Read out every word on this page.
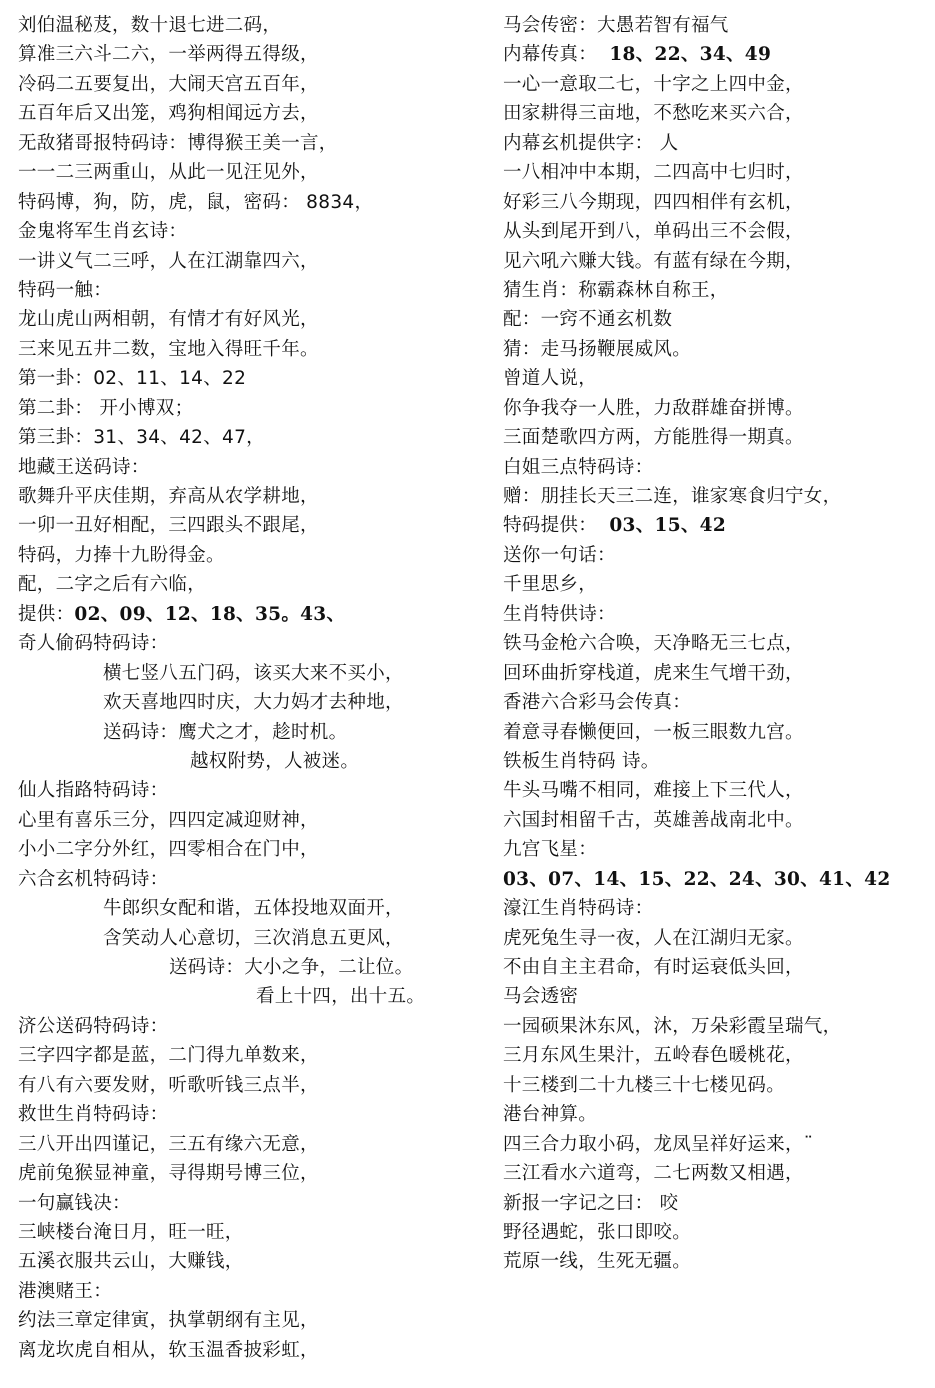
刘伯温秘芨，数十退七进二码，
算准三六斗二六，一举两得五得级，
冷码二五要复出，大闹天宫五百年，
五百年后又出笼，鸡狗相闻远方去，
无敌猪哥报特码诗：博得猴王美一言，
一一二三两重山，从此一见汪见外，
特码博，狗，防，虎，鼠，密码： 8834，
金鬼将军生肖玄诗：
一讲义气二三呼，人在江湖靠四六，
特码一触：
龙山虎山两相朝，有情才有好风光，
三来见五井二数，宝地入得旺千年。
第一卦：02、11、14、22
第二卦： 开小博双；
第三卦：31、34、42、47，
地藏王送码诗：
歌舞升平庆佳期，弃高从农学耕地，
一卯一丑好相配，三四跟头不跟尾，
特码，力捧十九盼得金。
配，二字之后有六临，
提供：02、09、12、18、35。43、
奇人偷码特码诗：
横七竖八五门码，该买大来不买小，
欢天喜地四时庆，大力妈才去种地，
送码诗：鹰犬之才，趁时机。
越权附势，人被迷。
仙人指路特码诗：
心里有喜乐三分，四四定减迎财神，
小小二字分外红，四零相合在门中，
六合玄机特码诗：
牛郎织女配和谐，五体投地双面开，
含笑动人心意切，三次消息五更风，
送码诗：大小之争，二让位。
看上十四，出十五。
济公送码特码诗：
三字四字都是蓝，二门得九单数来，
有八有六要发财，听歌听钱三点半，
救世生肖特码诗：
三八开出四谨记，三五有缘六无意，
虎前兔猴显神童，寻得期号博三位，
一句赢钱决：
三峡楼台淹日月，旺一旺，
五溪衣服共云山，大赚钱，
港澳赌王：
约法三章定律寅，执掌朝纲有主见，
离龙坎虎自相从，软玉温香披彩虹，
马会传密：大愚若智有福气
内幕传真：  18、22、34、49
一心一意取二七，十字之上四中金，
田家耕得三亩地，不愁吃来买六合，
内幕玄机提供字： 人
一八相冲中本期，二四高中七归时，
好彩三八今期现，四四相伴有玄机，
从头到尾开到八，单码出三不会假，
见六吼六赚大钱。有蓝有绿在今期，
猜生肖：称霸森林自称王，
配：一窍不通玄机数
猜：走马扬鞭展威风。
曾道人说，
你争我夺一人胜，力敌群雄奋拼博。
三面楚歌四方两，方能胜得一期真。
白姐三点特码诗：
赠：朋挂长天三二连，谁家寒食归宁女，
特码提供：  03、15、42
送你一句话：
千里思乡，
生肖特供诗：
铁马金枪六合唤，天净略无三七点，
回环曲折穿栈道，虎来生气增干劲，
香港六合彩马会传真：
着意寻春懒便回，一板三眼数九宫。
铁板生肖特码 诗。
牛头马嘴不相同，难接上下三代人，
六国封相留千古，英雄善战南北中。
九宫飞星：
03、07、14、15、22、24、30、41、42
濠江生肖特码诗：
虎死兔生寻一夜，人在江湖归无家。
不由自主主君命，有时运衰低头回，
马会透密
一园硕果沐东风，沐，万朵彩霞呈瑞气，
三月东风生果汁，五岭春色暖桃花，
十三楼到二十九楼三十七楼见码。
港台神算。
四三合力取小码，龙凤呈祥好运来，¨
三江看水六道弯，二七两数又相遇，
新报一字记之曰： 咬
野径遇蛇，张口即咬。
荒原一线，生死无疆。
